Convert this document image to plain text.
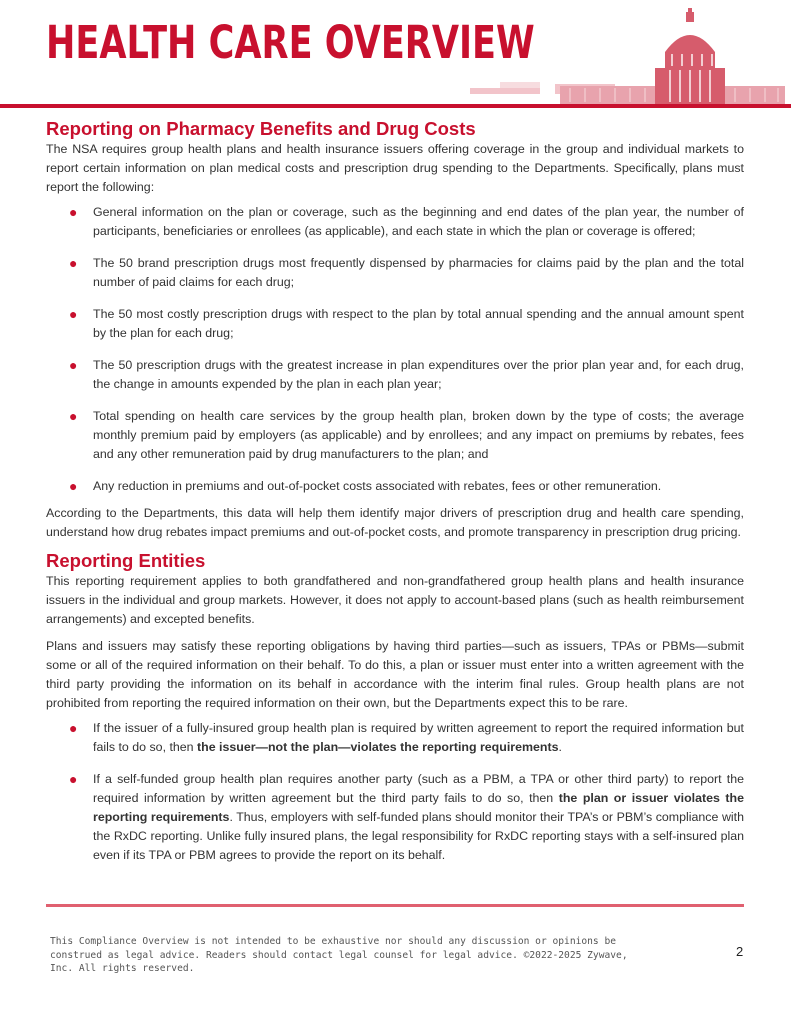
HEALTH CARE OVERVIEW
Reporting on Pharmacy Benefits and Drug Costs

The NSA requires group health plans and health insurance issuers offering coverage in the group and individual markets to report certain information on plan medical costs and prescription drug spending to the Departments. Specifically, plans must report the following:

● General information on the plan or coverage, such as the beginning and end dates of the plan year, the number of participants, beneficiaries or enrollees (as applicable), and each state in which the plan or coverage is offered;
● The 50 brand prescription drugs most frequently dispensed by pharmacies for claims paid by the plan and the total number of paid claims for each drug;
● The 50 most costly prescription drugs with respect to the plan by total annual spending and the annual amount spent by the plan for each drug;
● The 50 prescription drugs with the greatest increase in plan expenditures over the prior plan year and, for each drug, the change in amounts expended by the plan in each plan year;
● Total spending on health care services by the group health plan, broken down by the type of costs; the average monthly premium paid by employers (as applicable) and by enrollees; and any impact on premiums by rebates, fees and any other remuneration paid by drug manufacturers to the plan; and
● Any reduction in premiums and out-of-pocket costs associated with rebates, fees or other remuneration.

According to the Departments, this data will help them identify major drivers of prescription drug and health care spending, understand how drug rebates impact premiums and out-of-pocket costs, and promote transparency in prescription drug pricing.

Reporting Entities

This reporting requirement applies to both grandfathered and non-grandfathered group health plans and health insurance issuers in the individual and group markets. However, it does not apply to account-based plans (such as health reimbursement arrangements) and excepted benefits.

Plans and issuers may satisfy these reporting obligations by having third parties—such as issuers, TPAs or PBMs—submit some or all of the required information on their behalf. To do this, a plan or issuer must enter into a written agreement with the third party providing the information on its behalf in accordance with the interim final rules. Group health plans are not prohibited from reporting the required information on their own, but the Departments expect this to be rare.

● If the issuer of a fully-insured group health plan is required by written agreement to report the required information but fails to do so, then the issuer—not the plan—violates the reporting requirements.
● If a self-funded group health plan requires another party (such as a PBM, a TPA or other third party) to report the required information by written agreement but the third party fails to do so, then the plan or issuer violates the reporting requirements. Thus, employers with self-funded plans should monitor their TPA’s or PBM’s compliance with the RxDC reporting. Unlike fully insured plans, the legal responsibility for RxDC reporting stays with a self-insured plan even if its TPA or PBM agrees to provide the report on its behalf.
This Compliance Overview is not intended to be exhaustive nor should any discussion or opinions be construed as legal advice. Readers should contact legal counsel for legal advice. ©2022-2025 Zywave, Inc. All rights reserved.
2
